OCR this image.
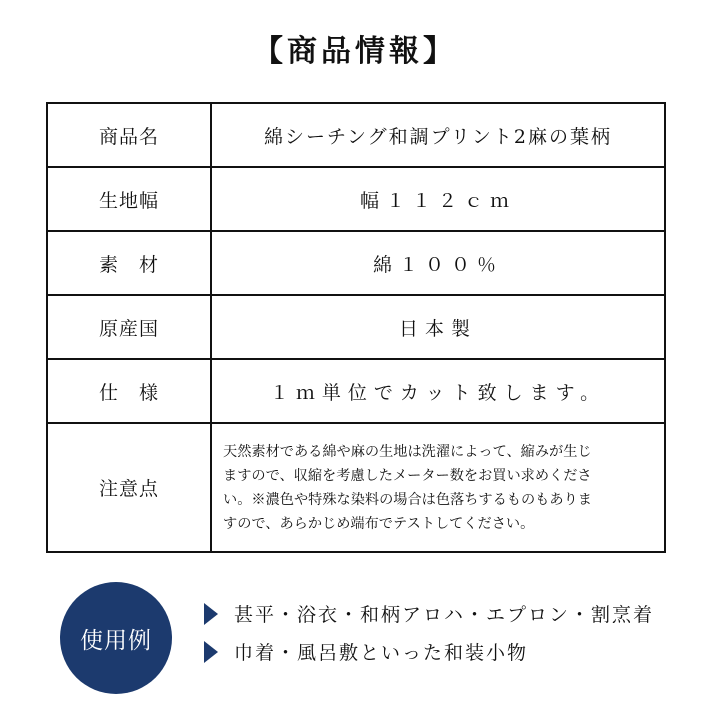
【商品情報】
商品名	綿シーチング和調プリント2麻の葉柄
生地幅	幅１１２ｃｍ
素　材	綿１００％
原産国	日本製
仕　様	１ｍ単位でカット致します。
注意点	天然素材である綿や麻の生地は洗濯によって、縮みが生じ
ますので、収縮を考慮したメーター数をお買い求めくださ
い。※濃色や特殊な染料の場合は色落ちするものもありま
すので、あらかじめ端布でテストしてください。
使用例
甚平・浴衣・和柄アロハ・エプロン・割烹着
巾着・風呂敷といった和装小物
